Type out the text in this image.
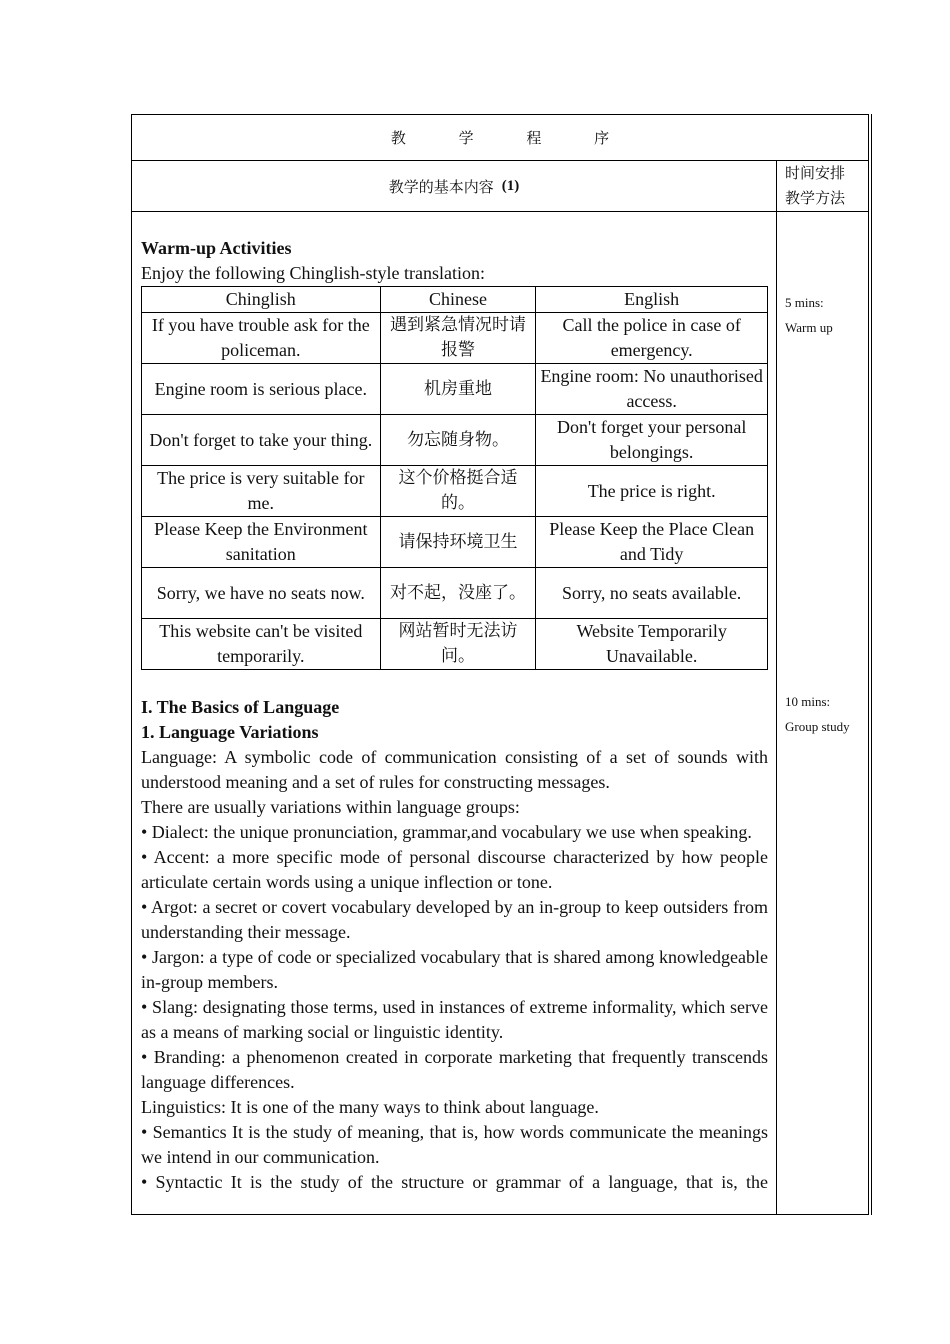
教 学 程 序
教学的基本内容 (1)
时间安排
教学方法
Warm-up Activities
Enjoy the following Chinglish-style translation:
Chinglish	Chinese	English
If you have trouble ask for the policeman.	遇到紧急情况时请报警	Call the police in case of emergency.
Engine room is serious place.	机房重地	Engine room: No unauthorised access.
Don't forget to take your thing.	勿忘随身物。	Don't forget your personal belongings.
The price is very suitable for me.	这个价格挺合适的。	The price is right.
Please Keep the Environment sanitation	请保持环境卫生	Please Keep the Place Clean and Tidy
Sorry, we have no seats now.	对不起，没座了。	Sorry, no seats available.
This website can't be visited temporarily.	网站暂时无法访问。	Website Temporarily Unavailable.
I. The Basics of Language
1. Language Variations
Language: A symbolic code of communication consisting of a set of sounds with understood meaning and a set of rules for constructing messages.
There are usually variations within language groups:
• Dialect: the unique pronunciation, grammar,and vocabulary we use when speaking.
• Accent: a more specific mode of personal discourse characterized by how people articulate certain words using a unique inflection or tone.
• Argot: a secret or covert vocabulary developed by an in-group to keep outsiders from understanding their message.
• Jargon: a type of code or specialized vocabulary that is shared among knowledgeable in-group members.
• Slang: designating those terms, used in instances of extreme informality, which serve as a means of marking social or linguistic identity.
• Branding: a phenomenon created in corporate marketing that frequently transcends language differences.
Linguistics: It is one of the many ways to think about language.
• Semantics It is the study of meaning, that is, how words communicate the meanings we intend in our communication.
• Syntactic It is the study of the structure or grammar of a language, that is, the
5 mins:
Warm up
10 mins:
Group study
